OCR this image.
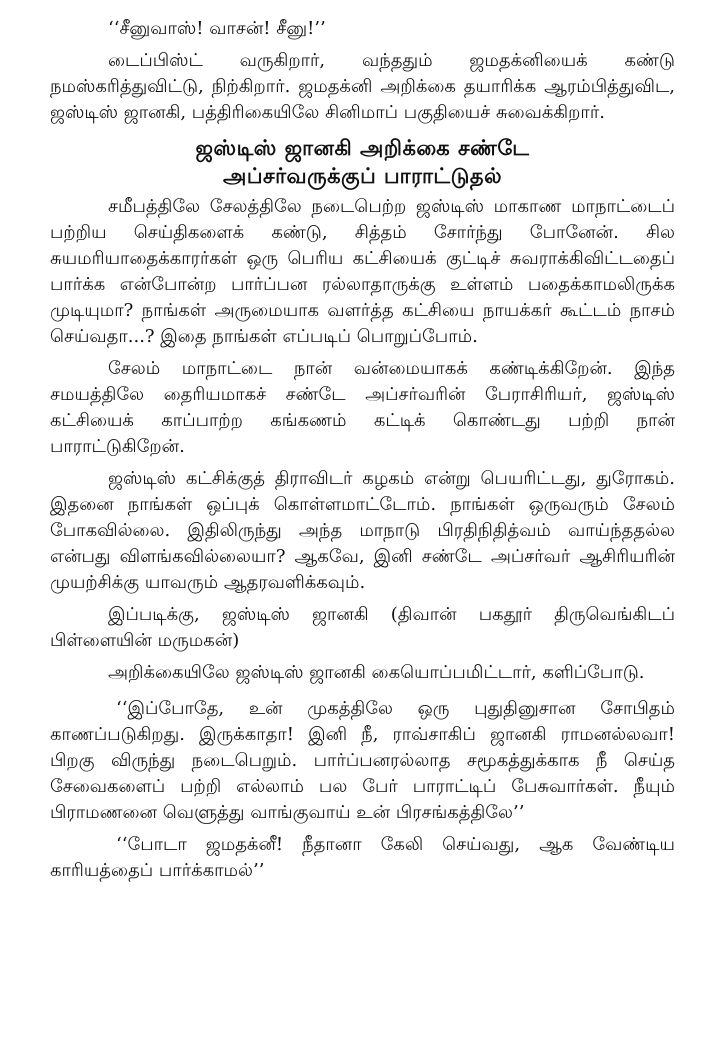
‘‘சீனுவாஸ்! வாசன்! சீனு!’’

டைப்பிஸ்ட் வருகிறார், வந்ததும் ஜமதக்னியைக் கண்டு நமஸ்கரித்துவிட்டு, நிற்கிறார். ஜமதக்னி அறிக்கை தயாரிக்க ஆரம்பித்துவிட, ஜஸ்டிஸ் ஜானகி, பத்திரிகையிலே சினிமாப் பகுதியைச் சுவைக்கிறார்.

ஜஸ்டிஸ் ஜானகி அறிக்கை சண்டே
அப்சர்வருக்குப் பாராட்டுதல்

சமீபத்திலே சேலத்திலே நடைபெற்ற ஜஸ்டிஸ் மாகாண மாநாட்டைப் பற்றிய செய்திகளைக் கண்டு, சித்தம் சோர்ந்து போனேன். சில சுயமரியாதைக்காரர்கள் ஒரு பெரிய கட்சியைக் குட்டிச் சுவராக்கிவிட்டதைப் பார்க்க என்போன்ற பார்ப்பன ரல்லாதாருக்கு உள்ளம் பதைக்காமலிருக்க முடியுமா? நாங்கள் அருமையாக வளர்த்த கட்சியை நாயக்கர் கூட்டம் நாசம் செய்வதா...? இதை நாங்கள் எப்படிப் பொறுப்போம்.

சேலம் மாநாட்டை நான் வன்மையாகக் கண்டிக்கிறேன். இந்த சமயத்திலே தைரியமாகச் சண்டே அப்சர்வரின் பேராசிரியர், ஜஸ்டிஸ் கட்சியைக் காப்பாற்ற கங்கணம் கட்டிக் கொண்டது பற்றி நான் பாராட்டுகிறேன்.

ஜஸ்டிஸ் கட்சிக்குத் திராவிடர் கழகம் என்று பெயரிட்டது, துரோகம். இதனை நாங்கள் ஒப்புக் கொள்ளமாட்டோம். நாங்கள் ஒருவரும் சேலம் போகவில்லை. இதிலிருந்து அந்த மாநாடு பிரதிநிதித்வம் வாய்ந்ததல்ல என்பது விளங்கவில்லையா? ஆகவே, இனி சண்டே அப்சர்வர் ஆசிரியரின் முயற்சிக்கு யாவரும் ஆதரவளிக்கவும்.

இப்படிக்கு, ஜஸ்டிஸ் ஜானகி (திவான் பகதூர் திருவெங்கிடப் பிள்ளையின் மருமகன்)

அறிக்கையிலே ஜஸ்டிஸ் ஜானகி கையொப்பமிட்டார், களிப்போடு.

‘‘இப்போதே, உன் முகத்திலே ஒரு புதுதினுசான சோபிதம் காணப்படுகிறது. இருக்காதா! இனி நீ, ராவ்சாகிப் ஜானகி ராமனல்லவா! பிறகு விருந்து நடைபெறும். பார்ப்பனரல்லாத சமூகத்துக்காக நீ செய்த சேவைகளைப் பற்றி எல்லாம் பல பேர் பாராட்டிப் பேசுவார்கள். நீயும் பிராமணனை வெளுத்து வாங்குவாய் உன் பிரசங்கத்திலே’’

‘‘போடா ஜமதக்னீ! நீதானா கேலி செய்வது, ஆக வேண்டிய காரியத்தைப் பார்க்காமல்’’
